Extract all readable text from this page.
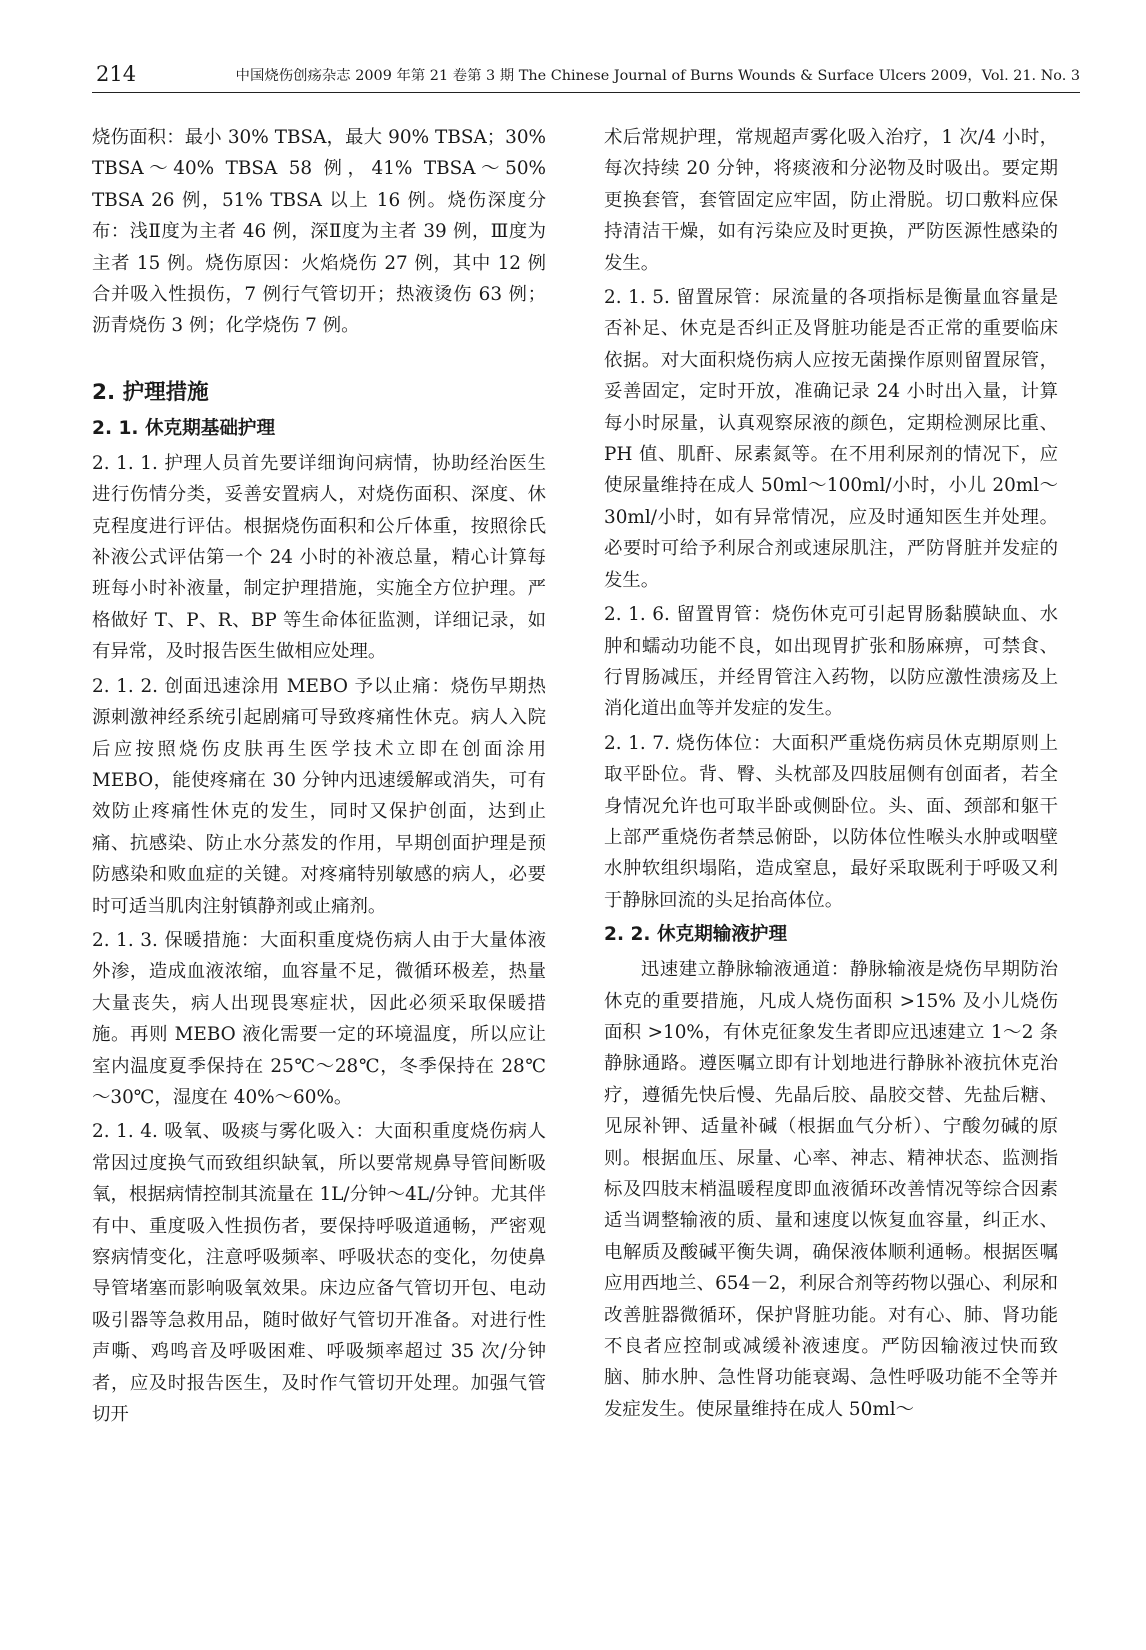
214	中国烧伤创疡杂志 2009 年第 21 卷第 3 期 The Chinese Journal of Burns Wounds & Surface Ulcers 2009，Vol. 21. No. 3

烧伤面积：最小 30% TBSA，最大 90% TBSA；30% TBSA～40% TBSA 58 例，41% TBSA～50% TBSA 26 例，51% TBSA 以上 16 例。烧伤深度分布：浅Ⅱ度为主者 46 例，深Ⅱ度为主者 39 例，Ⅲ度为主者 15 例。烧伤原因：火焰烧伤 27 例，其中 12 例合并吸入性损伤，7 例行气管切开；热液烫伤 63 例；沥青烧伤 3 例；化学烧伤 7 例。

2. 护理措施
2. 1. 休克期基础护理

2. 1. 1. 护理人员首先要详细询问病情，协助经治医生进行伤情分类，妥善安置病人，对烧伤面积、深度、休克程度进行评估。根据烧伤面积和公斤体重，按照徐氏补液公式评估第一个 24 小时的补液总量，精心计算每班每小时补液量，制定护理措施，实施全方位护理。严格做好 T、P、R、BP 等生命体征监测，详细记录，如有异常，及时报告医生做相应处理。

2. 1. 2. 创面迅速涂用 MEBO 予以止痛：烧伤早期热源刺激神经系统引起剧痛可导致疼痛性休克。病人入院后应按照烧伤皮肤再生医学技术立即在创面涂用 MEBO，能使疼痛在 30 分钟内迅速缓解或消失，可有效防止疼痛性休克的发生，同时又保护创面，达到止痛、抗感染、防止水分蒸发的作用，早期创面护理是预防感染和败血症的关键。对疼痛特别敏感的病人，必要时可适当肌肉注射镇静剂或止痛剂。

2. 1. 3. 保暖措施：大面积重度烧伤病人由于大量体液外渗，造成血液浓缩，血容量不足，微循环极差，热量大量丧失，病人出现畏寒症状，因此必须采取保暖措施。再则 MEBO 液化需要一定的环境温度，所以应让室内温度夏季保持在 25℃～28℃，冬季保持在 28℃～30℃，湿度在 40%～60%。

2. 1. 4. 吸氧、吸痰与雾化吸入：大面积重度烧伤病人常因过度换气而致组织缺氧，所以要常规鼻导管间断吸氧，根据病情控制其流量在 1L/分钟～4L/分钟。尤其伴有中、重度吸入性损伤者，要保持呼吸道通畅，严密观察病情变化，注意呼吸频率、呼吸状态的变化，勿使鼻导管堵塞而影响吸氧效果。床边应备气管切开包、电动吸引器等急救用品，随时做好气管切开准备。对进行性声嘶、鸡鸣音及呼吸困难、呼吸频率超过 35 次/分钟者，应及时报告医生，及时作气管切开处理。加强气管切开

术后常规护理，常规超声雾化吸入治疗，1 次/4 小时，每次持续 20 分钟，将痰液和分泌物及时吸出。要定期更换套管，套管固定应牢固，防止滑脱。切口敷料应保持清洁干燥，如有污染应及时更换，严防医源性感染的发生。

2. 1. 5. 留置尿管：尿流量的各项指标是衡量血容量是否补足、休克是否纠正及肾脏功能是否正常的重要临床依据。对大面积烧伤病人应按无菌操作原则留置尿管，妥善固定，定时开放，准确记录 24 小时出入量，计算每小时尿量，认真观察尿液的颜色，定期检测尿比重、PH 值、肌酐、尿素氮等。在不用利尿剂的情况下，应使尿量维持在成人 50ml～100ml/小时，小儿 20ml～30ml/小时，如有异常情况，应及时通知医生并处理。必要时可给予利尿合剂或速尿肌注，严防肾脏并发症的发生。

2. 1. 6. 留置胃管：烧伤休克可引起胃肠黏膜缺血、水肿和蠕动功能不良，如出现胃扩张和肠麻痹，可禁食、行胃肠减压，并经胃管注入药物，以防应激性溃疡及上消化道出血等并发症的发生。

2. 1. 7. 烧伤体位：大面积严重烧伤病员休克期原则上取平卧位。背、臀、头枕部及四肢屈侧有创面者，若全身情况允许也可取半卧或侧卧位。头、面、颈部和躯干上部严重烧伤者禁忌俯卧，以防体位性喉头水肿或咽壁水肿软组织塌陷，造成窒息，最好采取既利于呼吸又利于静脉回流的头足抬高体位。

2. 2. 休克期输液护理

迅速建立静脉输液通道：静脉输液是烧伤早期防治休克的重要措施，凡成人烧伤面积 >15% 及小儿烧伤面积 >10%，有休克征象发生者即应迅速建立 1～2 条静脉通路。遵医嘱立即有计划地进行静脉补液抗休克治疗，遵循先快后慢、先晶后胶、晶胶交替、先盐后糖、见尿补钾、适量补碱（根据血气分析）、宁酸勿碱的原则。根据血压、尿量、心率、神志、精神状态、监测指标及四肢末梢温暖程度即血液循环改善情况等综合因素适当调整输液的质、量和速度以恢复血容量，纠正水、电解质及酸碱平衡失调，确保液体顺利通畅。根据医嘱应用西地兰、654－2，利尿合剂等药物以强心、利尿和改善脏器微循环，保护肾脏功能。对有心、肺、肾功能不良者应控制或减缓补液速度。严防因输液过快而致脑、肺水肿、急性肾功能衰竭、急性呼吸功能不全等并发症发生。使尿量维持在成人 50ml～
